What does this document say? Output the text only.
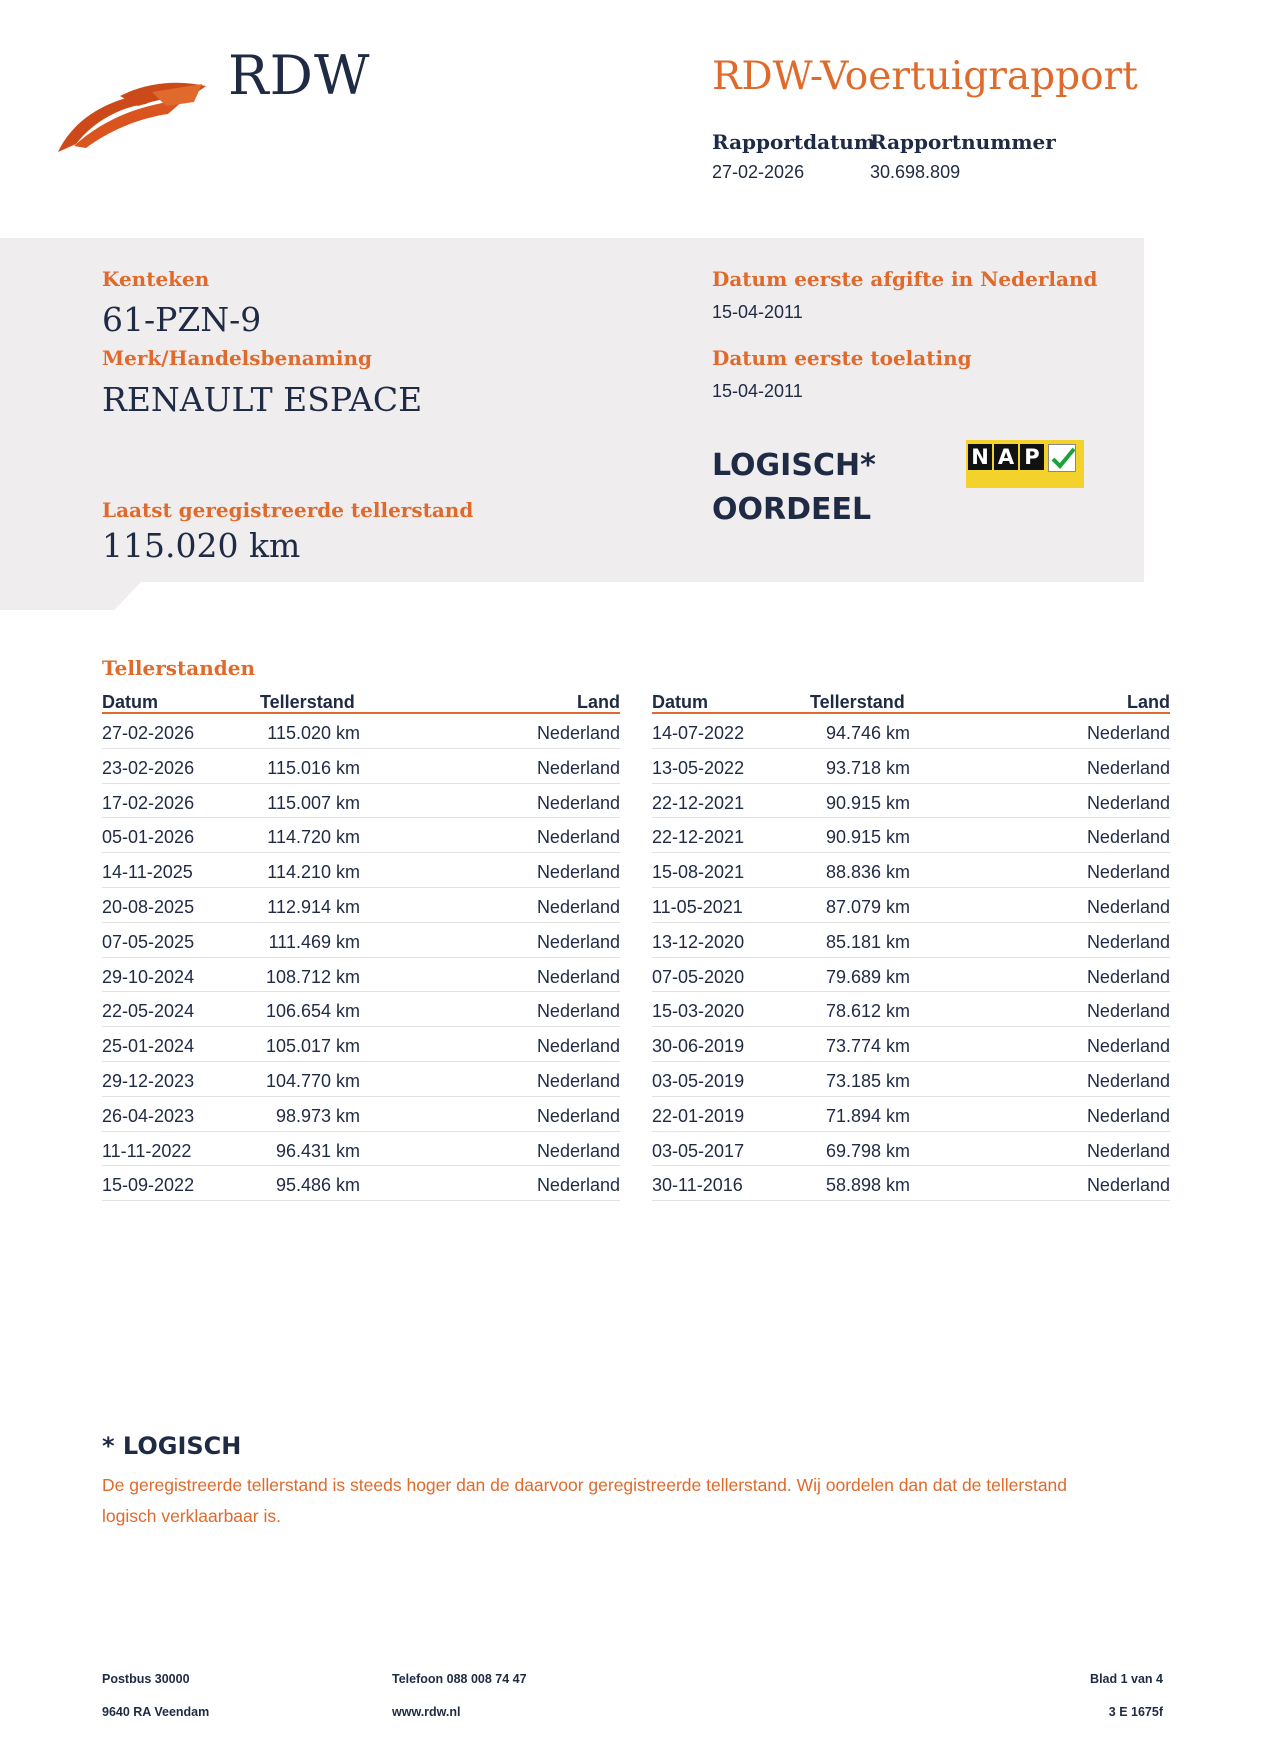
RDW	RDW-Voertuigrapport
Rapportdatum
27-02-2026
Rapportnummer
30.698.809
Kenteken
61-PZN-9
Merk/Handelsbenaming
RENAULT ESPACE
Laatst geregistreerde tellerstand
115.020 km
Datum eerste afgifte in Nederland
15-04-2011
Datum eerste toelating
15-04-2011
LOGISCH*
OORDEEL
N A P
Tellerstanden
Datum	Tellerstand	Land
27-02-2026	115.020 km	Nederland
23-02-2026	115.016 km	Nederland
17-02-2026	115.007 km	Nederland
05-01-2026	114.720 km	Nederland
14-11-2025	114.210 km	Nederland
20-08-2025	112.914 km	Nederland
07-05-2025	111.469 km	Nederland
29-10-2024	108.712 km	Nederland
22-05-2024	106.654 km	Nederland
25-01-2024	105.017 km	Nederland
29-12-2023	104.770 km	Nederland
26-04-2023	98.973 km	Nederland
11-11-2022	96.431 km	Nederland
15-09-2022	95.486 km	Nederland
Datum	Tellerstand	Land
14-07-2022	94.746 km	Nederland
13-05-2022	93.718 km	Nederland
22-12-2021	90.915 km	Nederland
22-12-2021	90.915 km	Nederland
15-08-2021	88.836 km	Nederland
11-05-2021	87.079 km	Nederland
13-12-2020	85.181 km	Nederland
07-05-2020	79.689 km	Nederland
15-03-2020	78.612 km	Nederland
30-06-2019	73.774 km	Nederland
03-05-2019	73.185 km	Nederland
22-01-2019	71.894 km	Nederland
03-05-2017	69.798 km	Nederland
30-11-2016	58.898 km	Nederland
* LOGISCH
De geregistreerde tellerstand is steeds hoger dan de daarvoor geregistreerde tellerstand. Wij oordelen dan dat de tellerstand logisch verklaarbaar is.
Postbus 30000
9640 RA Veendam
Telefoon 088 008 74 47
www.rdw.nl
Blad 1 van 4
3 E 1675f
